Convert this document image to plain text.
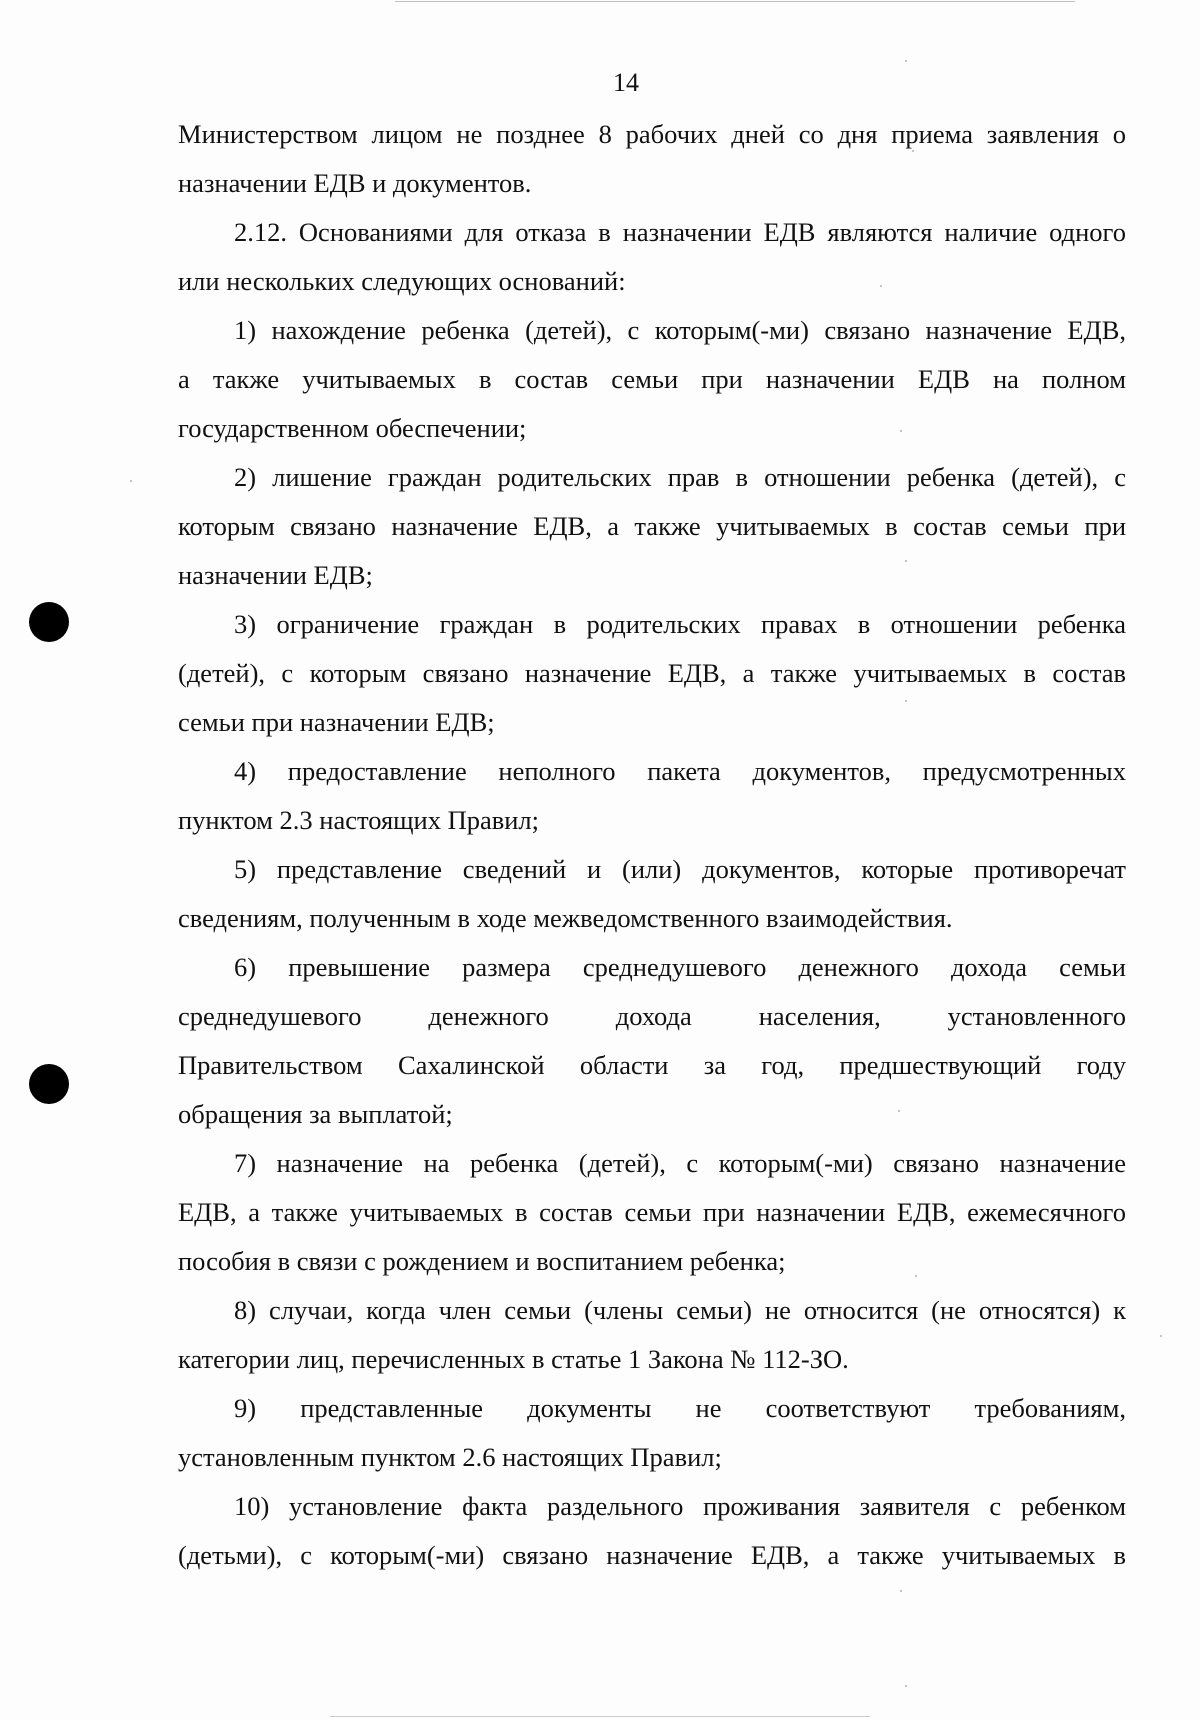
14
Министерством лицом не позднее 8 рабочих дней со дня приема заявления о
назначении ЕДВ и документов.
2.12. Основаниями для отказа в назначении ЕДВ являются наличие одного
или нескольких следующих оснований:
1) нахождение ребенка (детей), с которым(-ми) связано назначение ЕДВ,
а также учитываемых в состав семьи при назначении ЕДВ на полном
государственном обеспечении;
2) лишение граждан родительских прав в отношении ребенка (детей), с
которым связано назначение ЕДВ, а также учитываемых в состав семьи при
назначении ЕДВ;
3) ограничение граждан в родительских правах в отношении ребенка
(детей), с которым связано назначение ЕДВ, а также учитываемых в состав
семьи при назначении ЕДВ;
4) предоставление неполного пакета документов, предусмотренных
пунктом 2.3 настоящих Правил;
5) представление сведений и (или) документов, которые противоречат
сведениям, полученным в ходе межведомственного взаимодействия.
6) превышение размера среднедушевого денежного дохода семьи
среднедушевого денежного дохода населения, установленного
Правительством Сахалинской области за год, предшествующий году
обращения за выплатой;
7) назначение на ребенка (детей), с которым(-ми) связано назначение
ЕДВ, а также учитываемых в состав семьи при назначении ЕДВ, ежемесячного
пособия в связи с рождением и воспитанием ребенка;
8) случаи, когда член семьи (члены семьи) не относится (не относятся) к
категории лиц, перечисленных в статье 1 Закона № 112-ЗО.
9) представленные документы не соответствуют требованиям,
установленным пунктом 2.6 настоящих Правил;
10) установление факта раздельного проживания заявителя с ребенком
(детьми), с которым(-ми) связано назначение ЕДВ, а также учитываемых в
